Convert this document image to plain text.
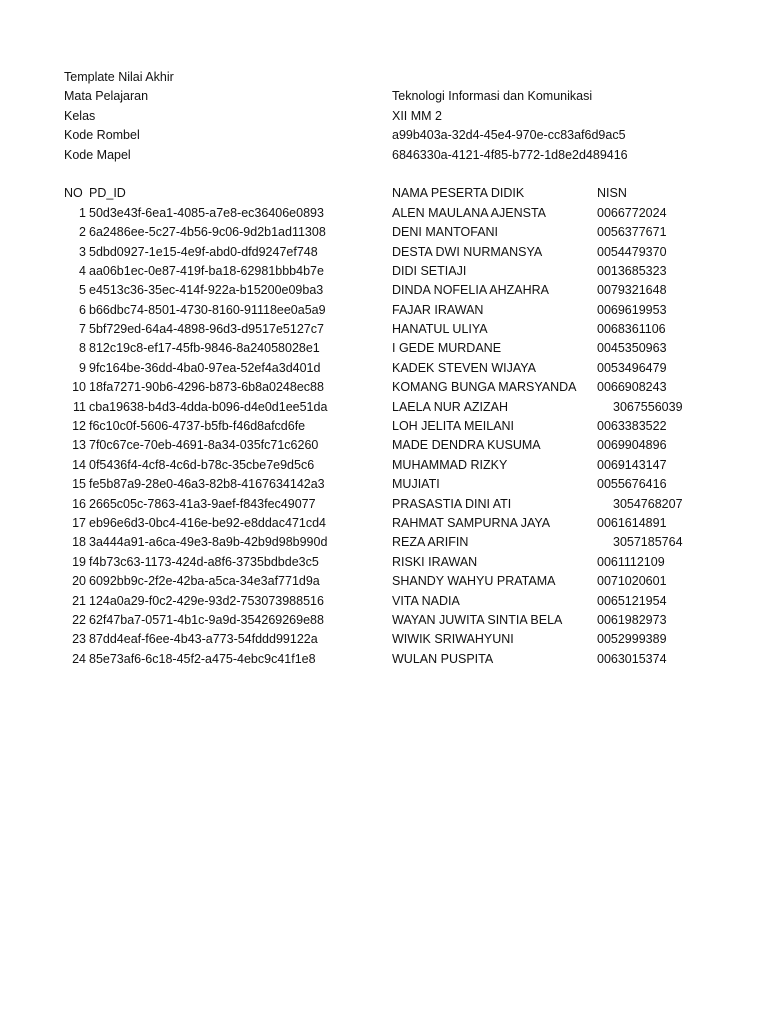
Template Nilai Akhir
Mata Pelajaran	Teknologi Informasi dan Komunikasi
Kelas	XII MM 2
Kode Rombel	a99b403a-32d4-45e4-970e-cc83af6d9ac5
Kode Mapel	6846330a-4121-4f85-b772-1d8e2d489416
NO PD_ID	NAMA PESERTA DIDIK	NISN
1 50d3e43f-6ea1-4085-a7e8-ec36406e0893	ALEN MAULANA AJENSTA	0066772024
2 6a2486ee-5c27-4b56-9c06-9d2b1ad11308	DENI MANTOFANI	0056377671
3 5dbd0927-1e15-4e9f-abd0-dfd9247ef748	DESTA DWI NURMANSYA	0054479370
4 aa06b1ec-0e87-419f-ba18-62981bbb4b7e	DIDI SETIAJI	0013685323
5 e4513c36-35ec-414f-922a-b15200e09ba3	DINDA NOFELIA AHZAHRA	0079321648
6 b66dbc74-8501-4730-8160-91118ee0a5a9	FAJAR IRAWAN	0069619953
7 5bf729ed-64a4-4898-96d3-d9517e5127c7	HANATUL ULIYA	0068361106
8 812c19c8-ef17-45fb-9846-8a24058028e1	I GEDE MURDANE	0045350963
9 9fc164be-36dd-4ba0-97ea-52ef4a3d401d	KADEK STEVEN WIJAYA	0053496479
10 18fa7271-90b6-4296-b873-6b8a0248ec88	KOMANG BUNGA MARSYANDA 0066908243
11 cba19638-b4d3-4dda-b096-d4e0d1ee51da	LAELA NUR AZIZAH	3067556039
12 f6c10c0f-5606-4737-b5fb-f46d8afcd6fe	LOH JELITA MEILANI	0063383522
13 7f0c67ce-70eb-4691-8a34-035fc71c6260	MADE DENDRA KUSUMA	0069904896
14 0f5436f4-4cf8-4c6d-b78c-35cbe7e9d5c6	MUHAMMAD RIZKY	0069143147
15 fe5b87a9-28e0-46a3-82b8-4167634142a3	MUJIATI	0055676416
16 2665c05c-7863-41a3-9aef-f843fec49077	PRASASTIA DINI ATI	3054768207
17 eb96e6d3-0bc4-416e-be92-e8ddac471cd4	RAHMAT SAMPURNA JAYA	0061614891
18 3a444a91-a6ca-49e3-8a9b-42b9d98b990d	REZA ARIFIN	3057185764
19 f4b73c63-1173-424d-a8f6-3735bdbde3c5	RISKI IRAWAN	0061112109
20 6092bb9c-2f2e-42ba-a5ca-34e3af771d9a	SHANDY WAHYU PRATAMA	0071020601
21 124a0a29-f0c2-429e-93d2-753073988516	VITA NADIA	0065121954
22 62f47ba7-0571-4b1c-9a9d-354269269e88	WAYAN JUWITA SINTIA BELA	0061982973
23 87dd4eaf-f6ee-4b43-a773-54fddd99122a	WIWIK SRIWAHYUNI	0052999389
24 85e73af6-6c18-45f2-a475-4ebc9c41f1e8	WULAN PUSPITA	0063015374
